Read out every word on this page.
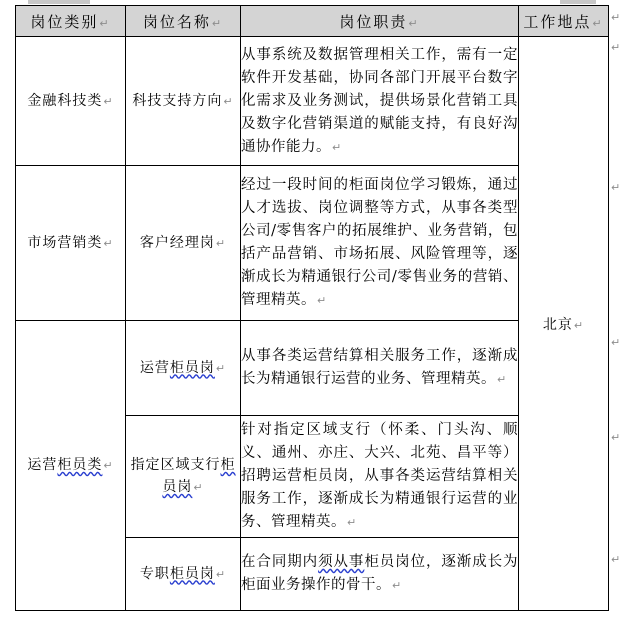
岗位类别↵	岗位名称↵	岗位职责↵	工作地点↵
金融科技类↵	科技支持方向↵	从事系统及数据管理相关工作，需有一定软件开发基础，协同各部门开展平台数字化需求及业务测试，提供场景化营销工具及数字化营销渠道的赋能支持，有良好沟通协作能力。↵	北京↵
市场营销类↵	客户经理岗↵	经过一段时间的柜面岗位学习锻炼，通过人才选拔、岗位调整等方式，从事各类型公司/零售客户的拓展维护、业务营销，包括产品营销、市场拓展、风险管理等，逐渐成长为精通银行公司/零售业务的营销、管理精英。↵	
运营柜员类↵	运营柜员岗↵	从事各类运营结算相关服务工作，逐渐成长为精通银行运营的业务、管理精英。↵	
	指定区域支行柜员岗↵	针对指定区域支行（怀柔、门头沟、顺义、通州、亦庄、大兴、北苑、昌平等）招聘运营柜员岗，从事各类运营结算相关服务工作，逐渐成长为精通银行运营的业务、管理精英。↵	
	专职柜员岗↵	在合同期内须从事柜员岗位，逐渐成长为柜面业务操作的骨干。↵	
↵
↵
↵
↵
↵
↵
